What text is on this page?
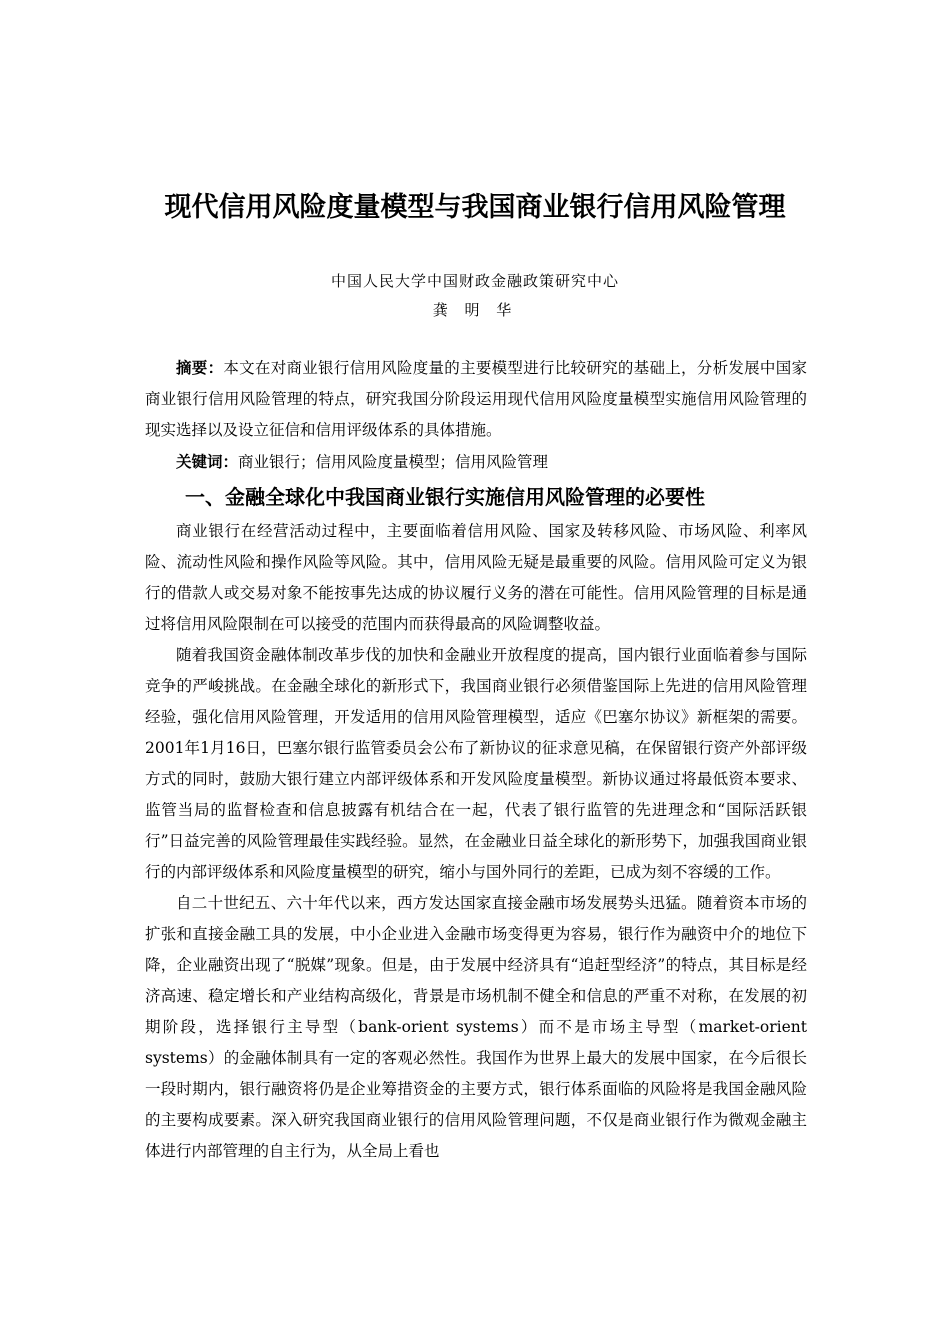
现代信用风险度量模型与我国商业银行信用风险管理
中国人民大学中国财政金融政策研究中心
龚 明 华

摘要：本文在对商业银行信用风险度量的主要模型进行比较研究的基础上，分析发展中国家商业银行信用风险管理的特点，研究我国分阶段运用现代信用风险度量模型实施信用风险管理的现实选择以及设立征信和信用评级体系的具体措施。

关键词：商业银行；信用风险度量模型；信用风险管理

一、金融全球化中我国商业银行实施信用风险管理的必要性

商业银行在经营活动过程中，主要面临着信用风险、国家及转移风险、市场风险、利率风险、流动性风险和操作风险等风险。其中，信用风险无疑是最重要的风险。信用风险可定义为银行的借款人或交易对象不能按事先达成的协议履行义务的潜在可能性。信用风险管理的目标是通过将信用风险限制在可以接受的范围内而获得最高的风险调整收益。

随着我国资金融体制改革步伐的加快和金融业开放程度的提高，国内银行业面临着参与国际竞争的严峻挑战。在金融全球化的新形式下，我国商业银行必须借鉴国际上先进的信用风险管理经验，强化信用风险管理，开发适用的信用风险管理模型，适应《巴塞尔协议》新框架的需要。2001年1月16日，巴塞尔银行监管委员会公布了新协议的征求意见稿，在保留银行资产外部评级方式的同时，鼓励大银行建立内部评级体系和开发风险度量模型。新协议通过将最低资本要求、监管当局的监督检查和信息披露有机结合在一起，代表了银行监管的先进理念和“国际活跃银行”日益完善的风险管理最佳实践经验。显然，在金融业日益全球化的新形势下，加强我国商业银行的内部评级体系和风险度量模型的研究，缩小与国外同行的差距，已成为刻不容缓的工作。

自二十世纪五、六十年代以来，西方发达国家直接金融市场发展势头迅猛。随着资本市场的扩张和直接金融工具的发展，中小企业进入金融市场变得更为容易，银行作为融资中介的地位下降，企业融资出现了“脱媒”现象。但是，由于发展中经济具有“追赶型经济”的特点，其目标是经济高速、稳定增长和产业结构高级化，背景是市场机制不健全和信息的严重不对称，在发展的初期阶段，选择银行主导型（bank-orient systems）而不是市场主导型（market-orient systems）的金融体制具有一定的客观必然性。我国作为世界上最大的发展中国家，在今后很长一段时期内，银行融资将仍是企业筹措资金的主要方式，银行体系面临的风险将是我国金融风险的主要构成要素。深入研究我国商业银行的信用风险管理问题，不仅是商业银行作为微观金融主体进行内部管理的自主行为，从全局上看也
